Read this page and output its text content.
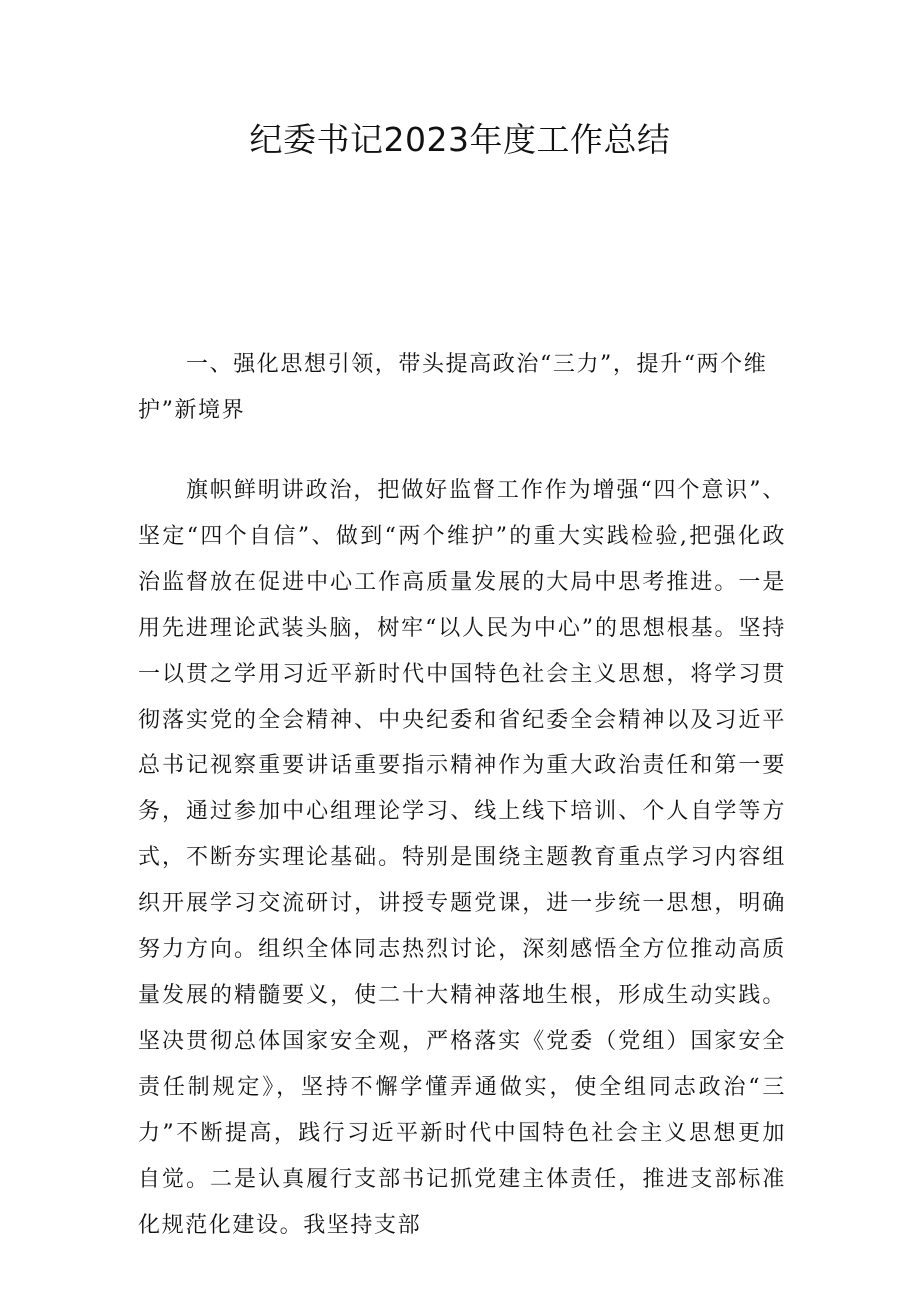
纪委书记2023年度工作总结

一、强化思想引领，带头提高政治“三力”，提升“两个维护”新境界

旗帜鲜明讲政治，把做好监督工作作为增强“四个意识”、坚定“四个自信”、做到“两个维护”的重大实践检验,把强化政治监督放在促进中心工作高质量发展的大局中思考推进。一是用先进理论武装头脑，树牢“以人民为中心”的思想根基。坚持一以贯之学用习近平新时代中国特色社会主义思想，将学习贯彻落实党的全会精神、中央纪委和省纪委全会精神以及习近平总书记视察重要讲话重要指示精神作为重大政治责任和第一要务，通过参加中心组理论学习、线上线下培训、个人自学等方式，不断夯实理论基础。特别是围绕主题教育重点学习内容组织开展学习交流研讨，讲授专题党课，进一步统一思想，明确努力方向。组织全体同志热烈讨论，深刻感悟全方位推动高质量发展的精髓要义，使二十大精神落地生根，形成生动实践。坚决贯彻总体国家安全观，严格落实《党委（党组）国家安全责任制规定》，坚持不懈学懂弄通做实，使全组同志政治“三力”不断提高，践行习近平新时代中国特色社会主义思想更加自觉。二是认真履行支部书记抓党建主体责任，推进支部标准化规范化建设。我坚持支部
